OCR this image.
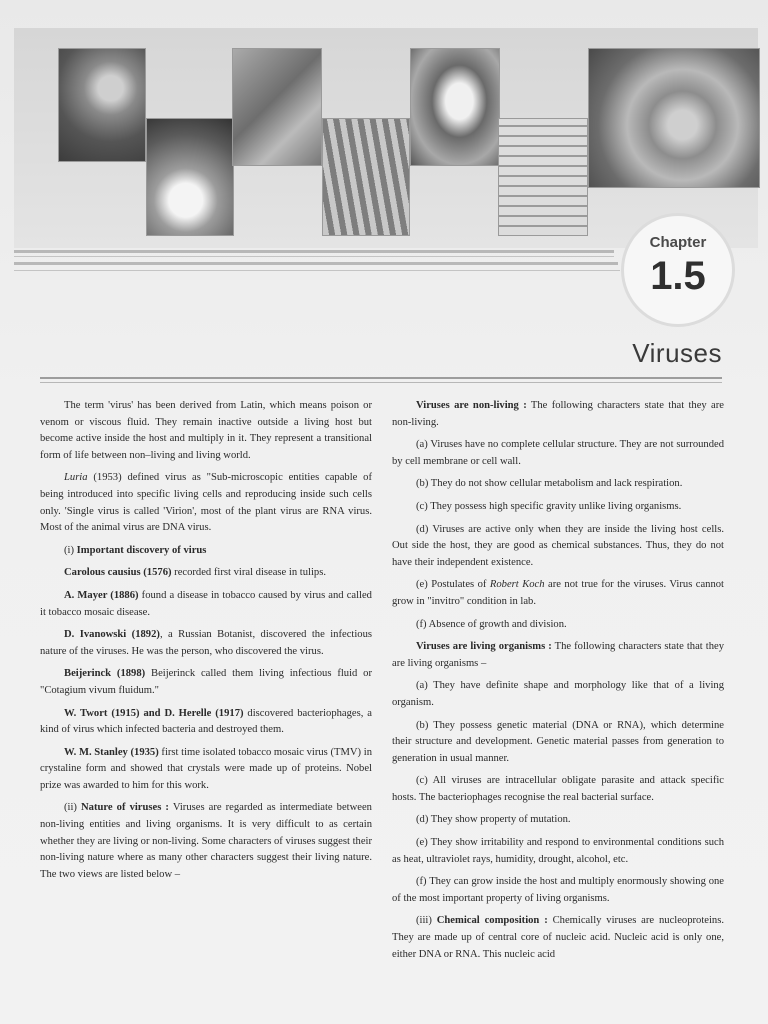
Chapter
1.5
Viruses

The term 'virus' has been derived from Latin, which means poison or venom or viscous fluid. They remain inactive outside a living host but become active inside the host and multiply in it. They represent a transitional form of life between non–living and living world.

Luria (1953) defined virus as "Sub-microscopic entities capable of being introduced into specific living cells and reproducing inside such cells only. 'Single virus is called 'Virion', most of the plant virus are RNA virus. Most of the animal virus are DNA virus.

(i) Important discovery of virus

Carolous causius (1576) recorded first viral disease in tulips.

A. Mayer (1886) found a disease in tobacco caused by virus and called it tobacco mosaic disease.

D. Ivanowski (1892), a Russian Botanist, discovered the infectious nature of the viruses. He was the person, who discovered the virus.

Beijerinck (1898) Beijerinck called them living infectious fluid or "Cotagium vivum fluidum."

W. Twort (1915) and D. Herelle (1917) discovered bacteriophages, a kind of virus which infected bacteria and destroyed them.

W. M. Stanley (1935) first time isolated tobacco mosaic virus (TMV) in crystaline form and showed that crystals were made up of proteins. Nobel prize was awarded to him for this work.

(ii) Nature of viruses : Viruses are regarded as intermediate between non-living entities and living organisms. It is very difficult to as certain whether they are living or non-living. Some characters of viruses suggest their non-living nature where as many other characters suggest their living nature. The two views are listed below –

Viruses are non-living : The following characters state that they are non-living.

(a) Viruses have no complete cellular structure. They are not surrounded by cell membrane or cell wall.

(b) They do not show cellular metabolism and lack respiration.

(c) They possess high specific gravity unlike living organisms.

(d) Viruses are active only when they are inside the living host cells. Out side the host, they are good as chemical substances. Thus, they do not have their independent existence.

(e) Postulates of Robert Koch are not true for the viruses. Virus cannot grow in "invitro" condition in lab.

(f) Absence of growth and division.

Viruses are living organisms : The following characters state that they are living organisms –

(a) They have definite shape and morphology like that of a living organism.

(b) They possess genetic material (DNA or RNA), which determine their structure and development. Genetic material passes from generation to generation in usual manner.

(c) All viruses are intracellular obligate parasite and attack specific hosts. The bacteriophages recognise the real bacterial surface.

(d) They show property of mutation.

(e) They show irritability and respond to environmental conditions such as heat, ultraviolet rays, humidity, drought, alcohol, etc.

(f) They can grow inside the host and multiply enormously showing one of the most important property of living organisms.

(iii) Chemical composition : Chemically viruses are nucleoproteins. They are made up of central core of nucleic acid. Nucleic acid is only one, either DNA or RNA. This nucleic acid
